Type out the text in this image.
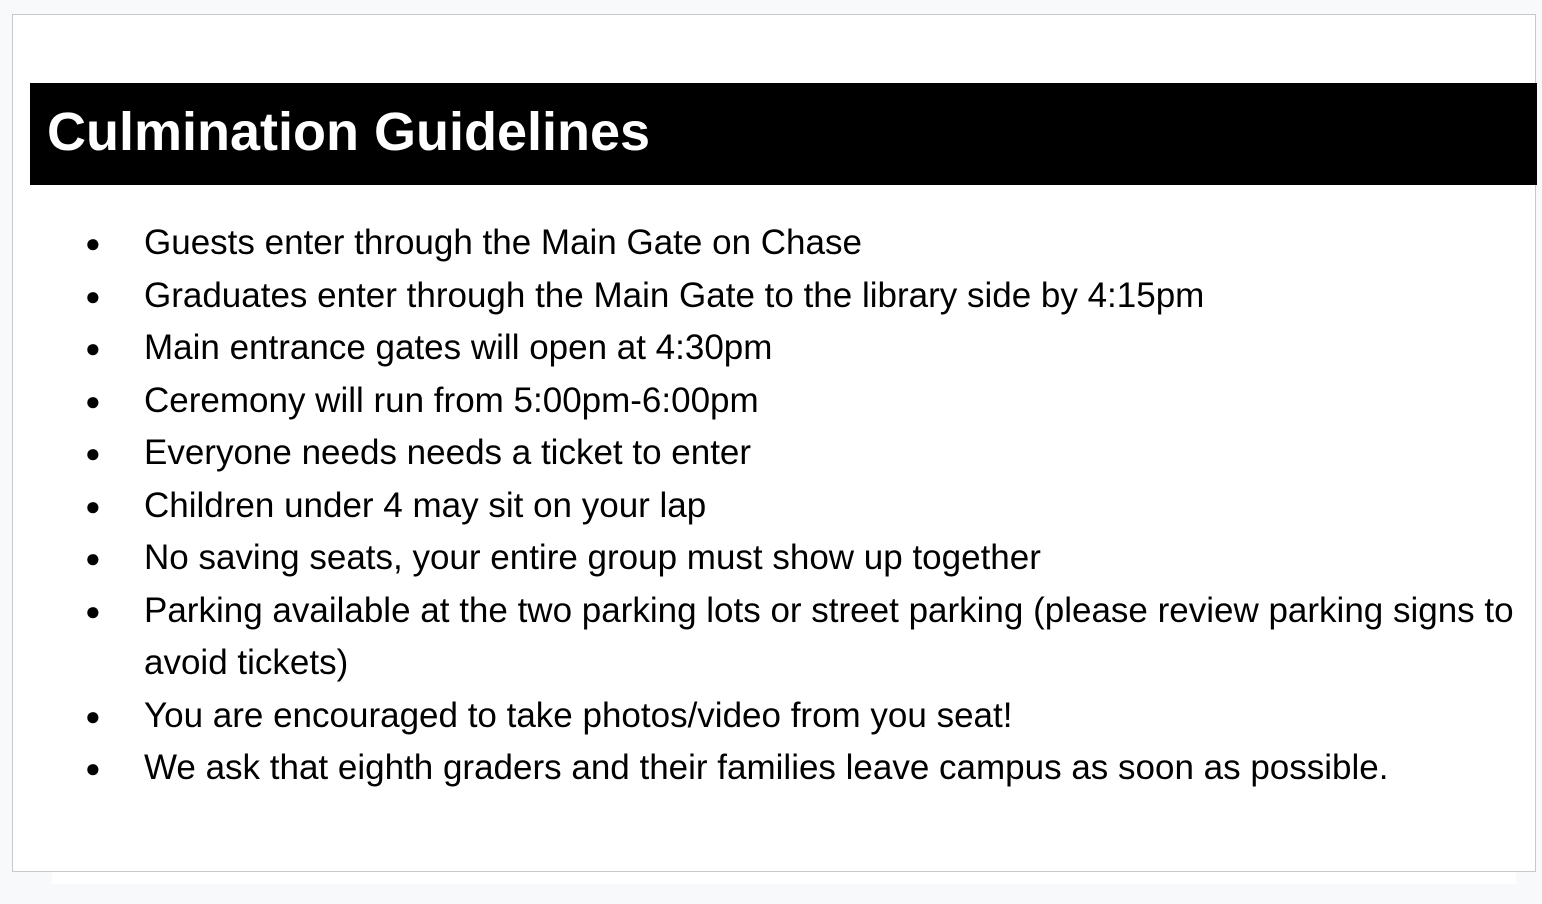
Culmination Guidelines
● Guests enter through the Main Gate on Chase
● Graduates enter through the Main Gate to the library side by 4:15pm
● Main entrance gates will open at 4:30pm
● Ceremony will run from 5:00pm-6:00pm
● Everyone needs needs a ticket to enter
● Children under 4 may sit on your lap
● No saving seats, your entire group must show up together
● Parking available at the two parking lots or street parking (please review parking signs to avoid tickets)
● You are encouraged to take photos/video from you seat!
● We ask that eighth graders and their families leave campus as soon as possible.
